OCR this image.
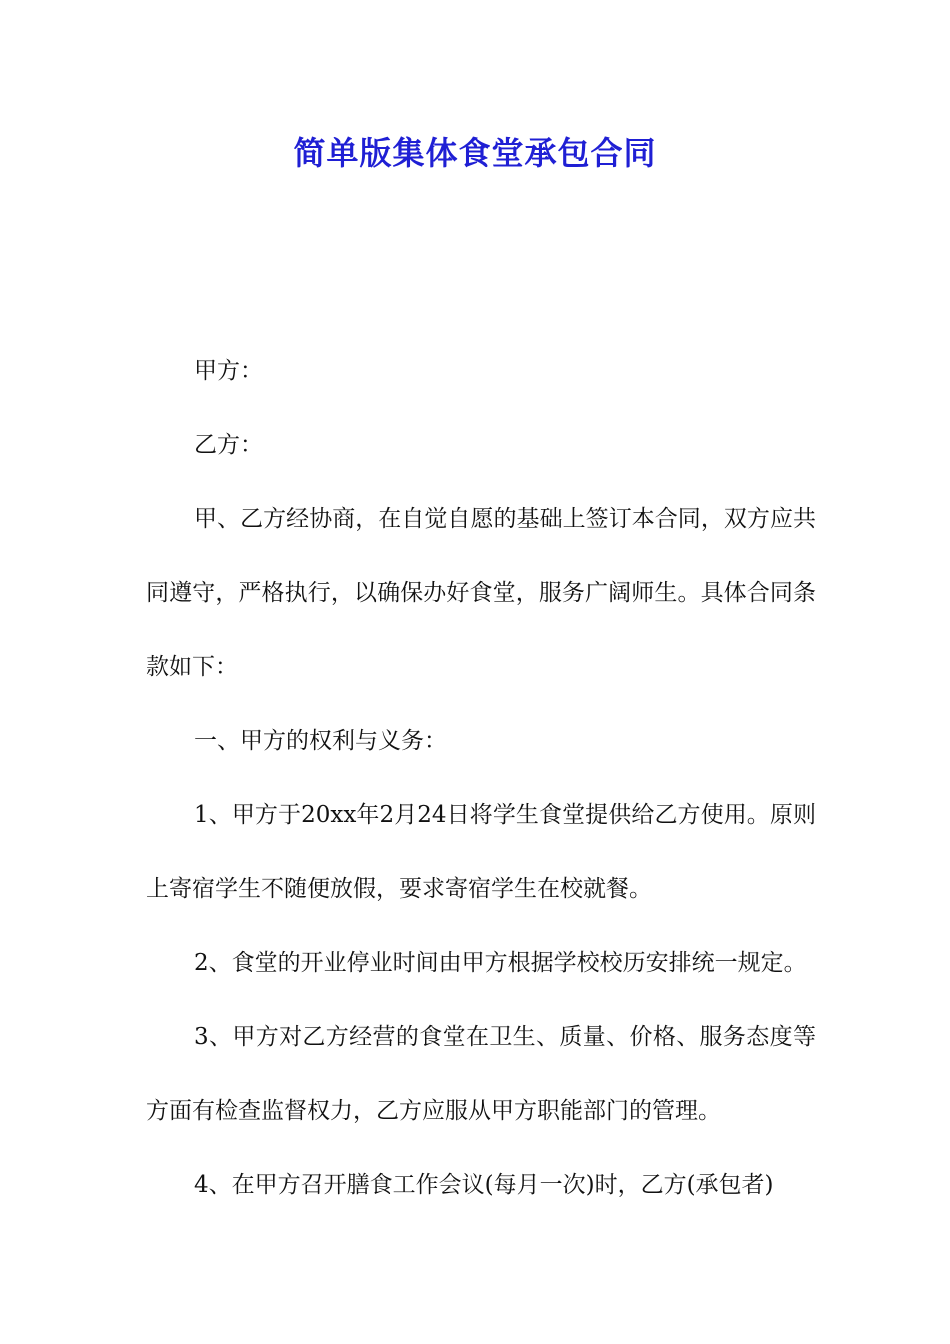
简单版集体食堂承包合同

甲方：

乙方：

甲、乙方经协商，在自觉自愿的基础上签订本合同，双方应共同遵守，严格执行，以确保办好食堂，服务广阔师生。具体合同条款如下：

一、甲方的权利与义务：

1、甲方于20xx年2月24日将学生食堂提供给乙方使用。原则上寄宿学生不随便放假，要求寄宿学生在校就餐。

2、食堂的开业停业时间由甲方根据学校校历安排统一规定。

3、甲方对乙方经营的食堂在卫生、质量、价格、服务态度等方面有检查监督权力，乙方应服从甲方职能部门的管理。

4、在甲方召开膳食工作会议(每月一次)时，乙方(承包者)
